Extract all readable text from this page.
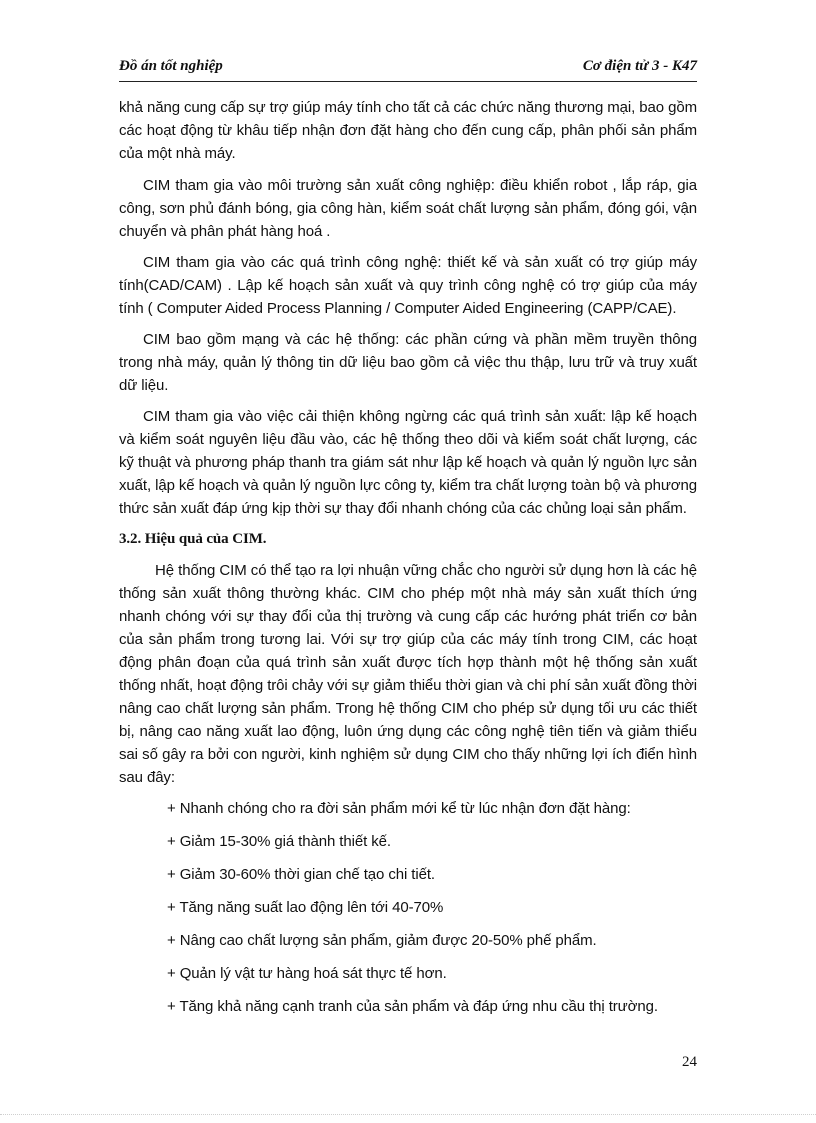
Đồ án tốt nghiệp	Cơ điện tử 3 - K47

khả năng cung cấp sự trợ giúp máy tính cho tất cả các chức năng thương mại, bao gồm các hoạt động từ khâu tiếp nhận đơn đặt hàng cho đến cung cấp, phân phối sản phẩm của một nhà máy.

CIM tham gia vào môi trường sản xuất công nghiệp: điều khiển robot , lắp ráp, gia công, sơn phủ đánh bóng, gia công hàn, kiểm soát chất lượng sản phẩm, đóng gói, vận chuyển và phân phát hàng hoá .

CIM tham gia vào các quá trình công nghệ: thiết kế và sản xuất có trợ giúp máy tính(CAD/CAM) . Lập kế hoạch sản xuất và quy trình công nghệ có trợ giúp của máy tính ( Computer Aided Process Planning / Computer Aided Engineering (CAPP/CAE).

CIM bao gồm mạng và các hệ thống: các phần cứng và phần mềm truyền thông trong nhà máy, quản lý thông tin dữ liệu bao gồm cả việc thu thập, lưu trữ và truy xuất dữ liệu.

CIM tham gia vào việc cải thiện không ngừng các quá trình sản xuất: lập kế hoạch và kiểm soát nguyên liệu đầu vào, các hệ thống theo dõi và kiểm soát chất lượng, các kỹ thuật và phương pháp thanh tra giám sát như lập kế hoạch và quản lý nguồn lực sản xuất, lập kế hoạch và quản lý nguồn lực công ty, kiểm tra chất lượng toàn bộ và phương thức sản xuất đáp ứng kịp thời sự thay đổi nhanh chóng của các chủng loại sản phẩm.

3.2. Hiệu quả của CIM.

Hệ thống CIM có thể tạo ra lợi nhuận vững chắc cho người sử dụng hơn là các hệ thống sản xuất thông thường khác. CIM cho phép một nhà máy sản xuất thích ứng nhanh chóng với sự thay đổi của thị trường và cung cấp các hướng phát triển cơ bản của sản phẩm trong tương lai. Với sự trợ giúp của các máy tính trong CIM, các hoạt động phân đoạn của quá trình sản xuất được tích hợp thành một hệ thống sản xuất thống nhất, hoạt động trôi chảy với sự giảm thiểu thời gian và chi phí sản xuất đồng thời nâng cao chất lượng sản phẩm. Trong hệ thống CIM cho phép sử dụng tối ưu các thiết bị, nâng cao năng xuất lao động, luôn ứng dụng các công nghệ tiên tiến và giảm thiểu sai số gây ra bởi con người, kinh nghiệm sử dụng CIM cho thấy những lợi ích điển hình sau đây:

+ Nhanh chóng cho ra đời sản phẩm mới kể từ lúc nhận đơn đặt hàng:
+ Giảm 15-30% giá thành thiết kế.
+ Giảm 30-60% thời gian chế tạo chi tiết.
+ Tăng năng suất lao động lên tới 40-70%
+ Nâng cao chất lượng sản phẩm, giảm được 20-50% phế phẩm.
+ Quản lý vật tư hàng hoá sát thực tế hơn.
+ Tăng khả năng cạnh tranh của sản phẩm và đáp ứng nhu cầu thị trường.
24
